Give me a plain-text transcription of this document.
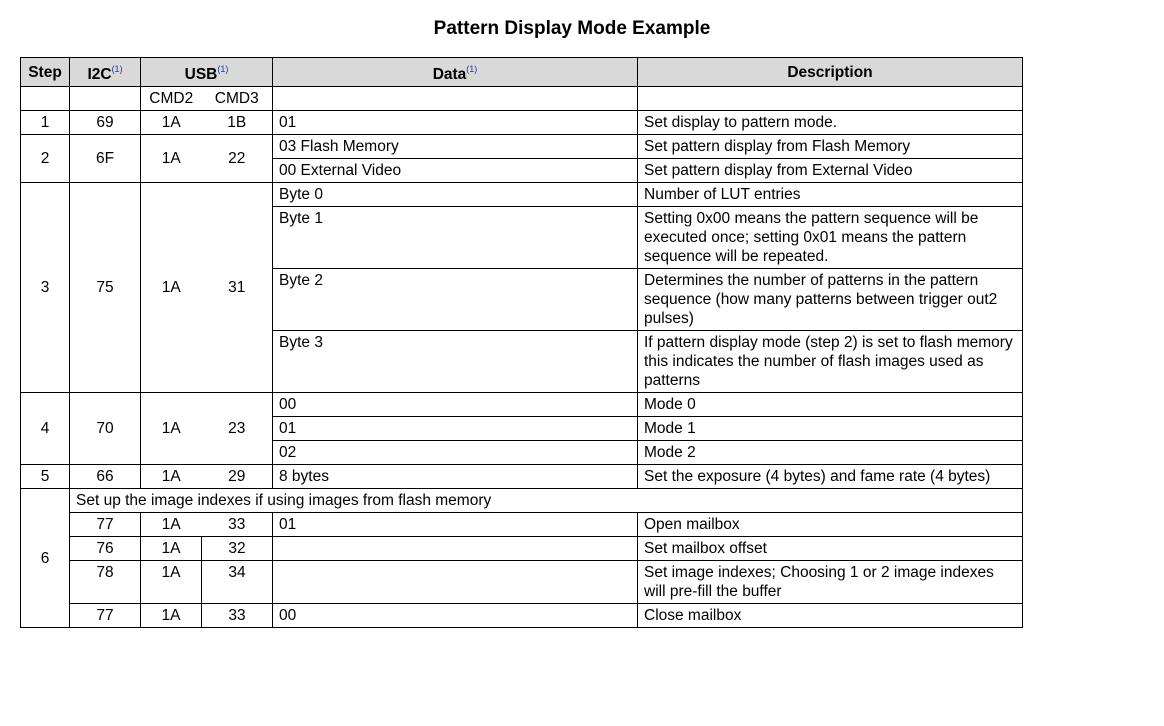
Pattern Display Mode Example
Step	$I2C^{(1)}$	USB$^{(1)}$		Data$^{(1)}$	Description
		CMD2	CMD3		
1	69	1A	1B	01	Set display to pattern mode.
2	6F	1A	22	03 Flash Memory	Set pattern display from Flash Memory
				00 External Video	Set pattern display from External Video
3	75	1A	31	Byte 0	Number of LUT entries
				Byte 1	Setting 0x00 means the pattern sequence will be executed once; setting 0x01 means the pattern sequence will be repeated.
				Byte 2	Determines the number of patterns in the pattern sequence (how many patterns between trigger out2 pulses)
				Byte 3	If pattern display mode (step 2) is set to flash memory this indicates the number of flash images used as patterns
4	70	1A	23	00	Mode 0
				01	Mode 1
				02	Mode 2
5	66	1A	29	8 bytes	Set the exposure (4 bytes) and fame rate (4 bytes)
6	Set up the image indexes if using images from flash memory				
	77	1A	33	01	Open mailbox
	76	1A	32		Set mailbox offset
	78	1A	34		Set image indexes; Choosing 1 or 2 image indexes will pre-fill the buffer
	77	1A	33	00	Close mailbox
